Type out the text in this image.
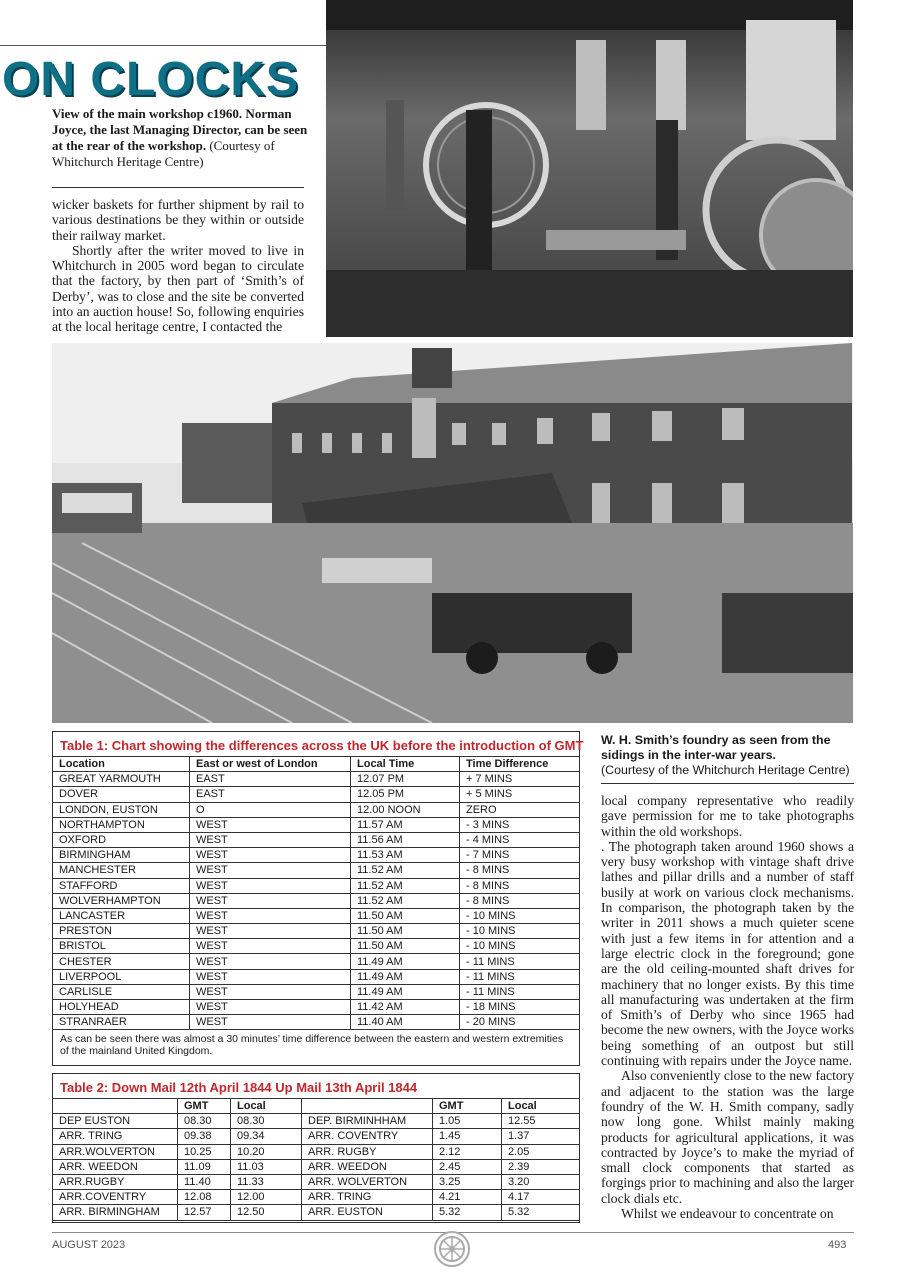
ON CLOCKS
View of the main workshop c1960. Norman Joyce, the last Managing Director, can be seen at the rear of the workshop. (Courtesy of Whitchurch Heritage Centre)
wicker baskets for further shipment by rail to various destinations be they within or outside their railway market.
Shortly after the writer moved to live in Whitchurch in 2005 word began to circulate that the factory, by then part of ‘Smith’s of Derby’, was to close and the site be converted into an auction house! So, following enquiries at the local heritage centre, I contacted the
Table 1: Chart showing the differences across the UK before the introduction of GMT
Location	East or west of London	Local Time	Time Difference
GREAT YARMOUTH	EAST	12.07 PM	+ 7 MINS
DOVER	EAST	12.05 PM	+ 5 MINS
LONDON, EUSTON	O	12.00 NOON	ZERO
NORTHAMPTON	WEST	11.57 AM	- 3 MINS
OXFORD	WEST	11.56 AM	- 4 MINS
BIRMINGHAM	WEST	11.53 AM	- 7 MINS
MANCHESTER	WEST	11.52 AM	- 8 MINS
STAFFORD	WEST	11.52 AM	- 8 MINS
WOLVERHAMPTON	WEST	11.52 AM	- 8 MINS
LANCASTER	WEST	11.50 AM	- 10 MINS
PRESTON	WEST	11.50 AM	- 10 MINS
BRISTOL	WEST	11.50 AM	- 10 MINS
CHESTER	WEST	11.49 AM	- 11 MINS
LIVERPOOL	WEST	11.49 AM	- 11 MINS
CARLISLE	WEST	11.49 AM	- 11 MINS
HOLYHEAD	WEST	11.42 AM	- 18 MINS
STRANRAER	WEST	11.40 AM	- 20 MINS
As can be seen there was almost a 30 minutes’ time difference between the eastern and western extremities of the mainland United Kingdom.
Table 2: Down Mail 12th April 1844 Up Mail 13th April 1844
	GMT	Local		GMT	Local
DEP EUSTON	08.30	08.30	DEP. BIRMINHHAM	1.05	12.55
ARR. TRING	09.38	09.34	ARR. COVENTRY	1.45	1.37
ARR.WOLVERTON	10.25	10.20	ARR. RUGBY	2.12	2.05
ARR. WEEDON	11.09	11.03	ARR. WEEDON	2.45	2.39
ARR.RUGBY	11.40	11.33	ARR. WOLVERTON	3.25	3.20
ARR.COVENTRY	12.08	12.00	ARR. TRING	4.21	4.17
ARR. BIRMINGHAM	12.57	12.50	ARR. EUSTON	5.32	5.32
W. H. Smith’s foundry as seen from the sidings in the inter-war years.
(Courtesy of the Whitchurch Heritage Centre)
local company representative who readily gave permission for me to take photographs within the old workshops.
. The photograph taken around 1960 shows a very busy workshop with vintage shaft drive lathes and pillar drills and a number of staff busily at work on various clock mechanisms. In comparison, the photograph taken by the writer in 2011 shows a much quieter scene with just a few items in for attention and a large electric clock in the foreground; gone are the old ceiling-mounted shaft drives for machinery that no longer exists. By this time all manufacturing was undertaken at the firm of Smith’s of Derby who since 1965 had become the new owners, with the Joyce works being something of an outpost but still continuing with repairs under the Joyce name.
Also conveniently close to the new factory and adjacent to the station was the large foundry of the W. H. Smith company, sadly now long gone. Whilst mainly making products for agricultural applications, it was contracted by Joyce’s to make the myriad of small clock components that started as forgings prior to machining and also the larger clock dials etc.
Whilst we endeavour to concentrate on
AUGUST 2023	493
